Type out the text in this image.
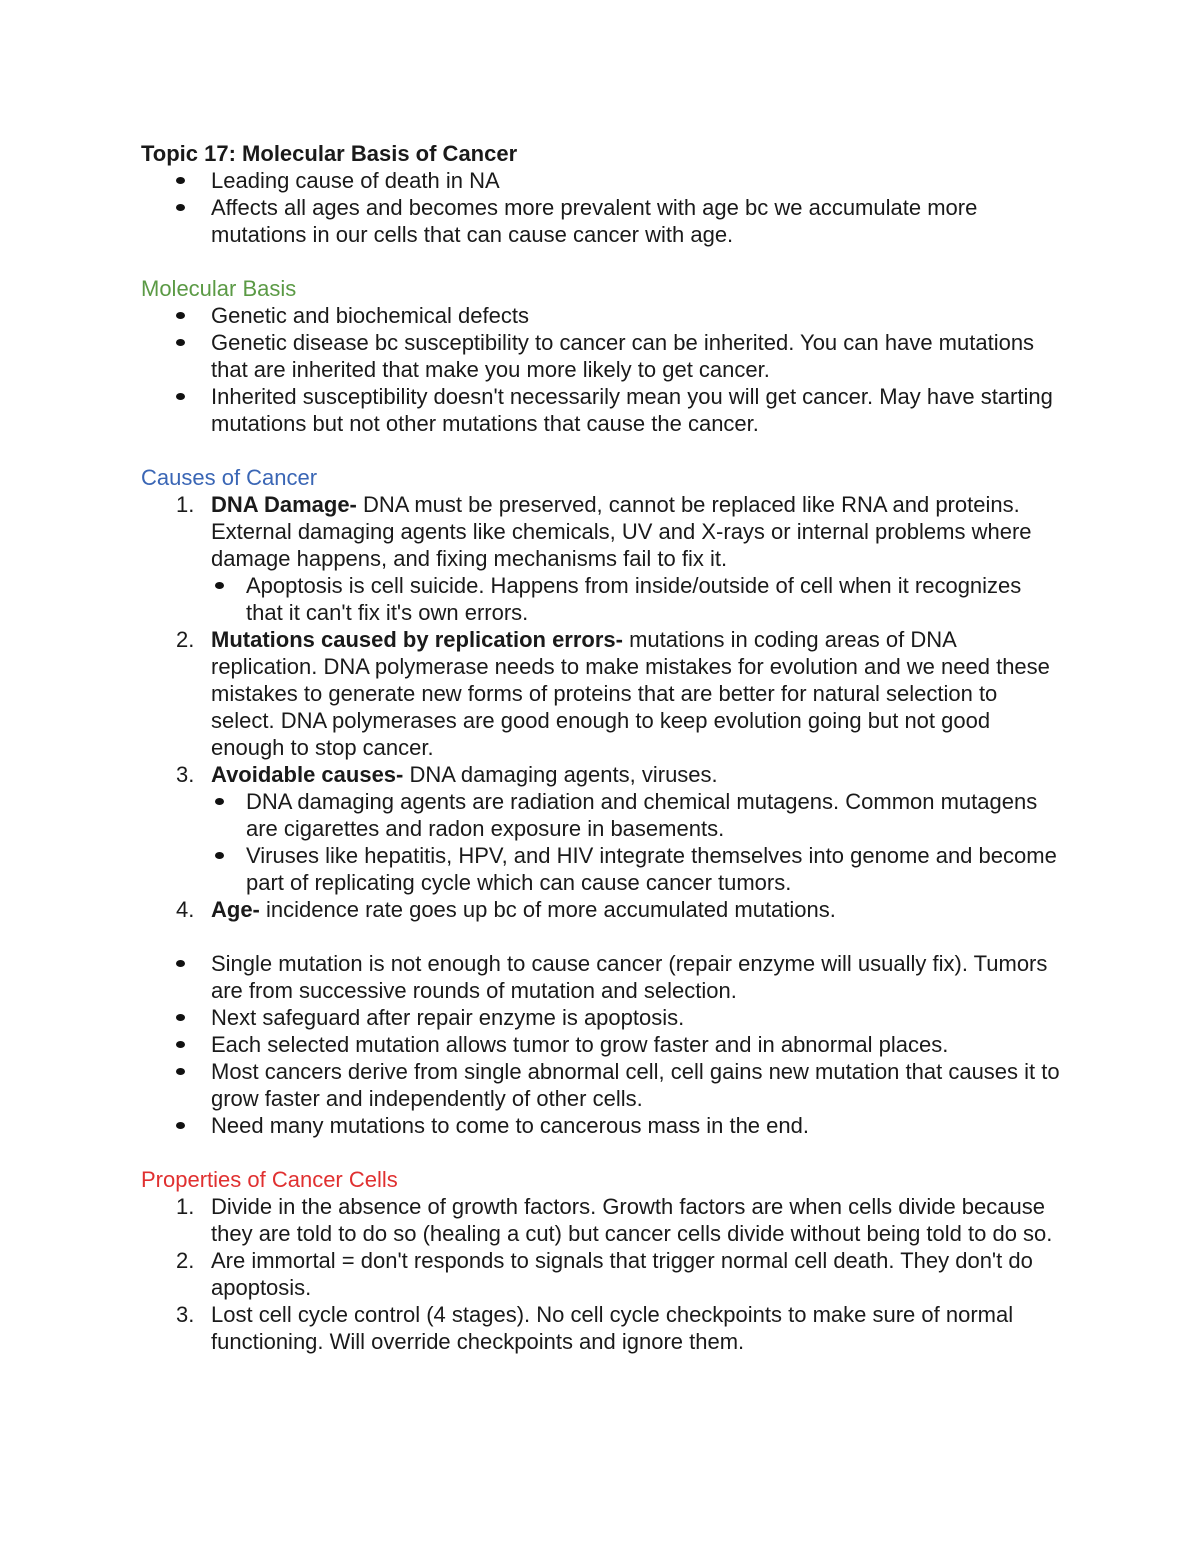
Topic 17: Molecular Basis of Cancer

Leading cause of death in NA
Affects all ages and becomes more prevalent with age bc we accumulate more mutations in our cells that can cause cancer with age.

Molecular Basis

Genetic and biochemical defects
Genetic disease bc susceptibility to cancer can be inherited. You can have mutations that are inherited that make you more likely to get cancer.
Inherited susceptibility doesn't necessarily mean you will get cancer. May have starting mutations but not other mutations that cause the cancer.

Causes of Cancer

1. DNA Damage- DNA must be preserved, cannot be replaced like RNA and proteins. External damaging agents like chemicals, UV and X-rays or internal problems where damage happens, and fixing mechanisms fail to fix it.
Apoptosis is cell suicide. Happens from inside/outside of cell when it recognizes that it can't fix it's own errors.
2. Mutations caused by replication errors- mutations in coding areas of DNA replication. DNA polymerase needs to make mistakes for evolution and we need these mistakes to generate new forms of proteins that are better for natural selection to select. DNA polymerases are good enough to keep evolution going but not good enough to stop cancer.
3. Avoidable causes- DNA damaging agents, viruses.
DNA damaging agents are radiation and chemical mutagens. Common mutagens are cigarettes and radon exposure in basements.
Viruses like hepatitis, HPV, and HIV integrate themselves into genome and become part of replicating cycle which can cause cancer tumors.
4. Age- incidence rate goes up bc of more accumulated mutations.
Single mutation is not enough to cause cancer (repair enzyme will usually fix). Tumors are from successive rounds of mutation and selection.
Next safeguard after repair enzyme is apoptosis.
Each selected mutation allows tumor to grow faster and in abnormal places.
Most cancers derive from single abnormal cell, cell gains new mutation that causes it to grow faster and independently of other cells.
Need many mutations to come to cancerous mass in the end.

Properties of Cancer Cells

1. Divide in the absence of growth factors. Growth factors are when cells divide because they are told to do so (healing a cut) but cancer cells divide without being told to do so.
2. Are immortal = don't responds to signals that trigger normal cell death. They don't do apoptosis.
3. Lost cell cycle control (4 stages). No cell cycle checkpoints to make sure of normal functioning. Will override checkpoints and ignore them.
